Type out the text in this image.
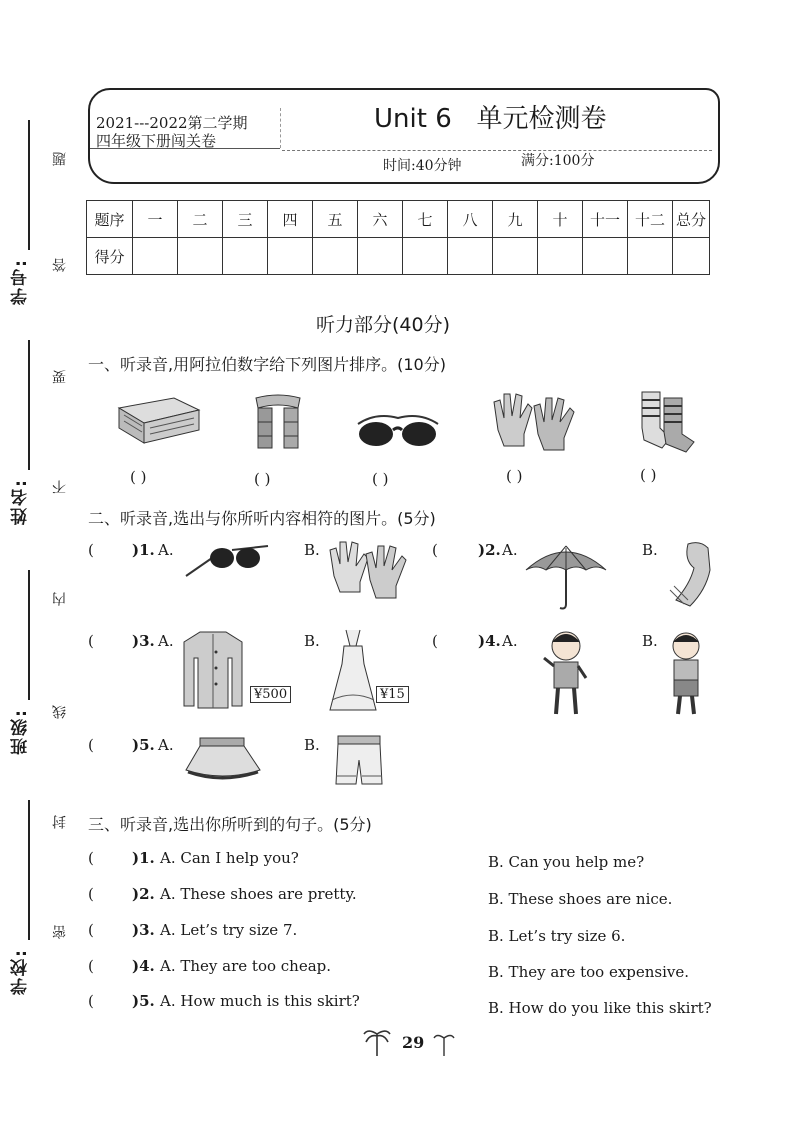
学号:
姓名:
班级:
学校:
密
封
线
内
不
要
答
题
2021---2022第二学期
四年级下册闯关卷
Unit 6   单元检测卷
时间:40分钟	满分:100分
题序	一	二	三	四	五	六	七	八	九	十	十一	十二	总分
得分													
听力部分(40分)
一、听录音,用阿拉伯数字给下列图片排序。(10分)
( )	( )	( )	( )	( )
二、听录音,选出与你所听内容相符的图片。(5分)
(	)1. A.	B.	(	)2. A.	B.
(	)3. A.
¥500
B.
¥15
(	)4. A.	B.
(	)5. A.	B.
三、听录音,选出你所听到的句子。(5分)
(	)1. A. Can I help you?	B. Can you help me?
(	)2. A. These shoes are pretty.	B. These shoes are nice.
(	)3. A. Let’s try size 7.	B. Let’s try size 6.
(	)4. A. They are too cheap.	B. They are too expensive.
(	)5. A. How much is this skirt?	B. How do you like this skirt?
29
